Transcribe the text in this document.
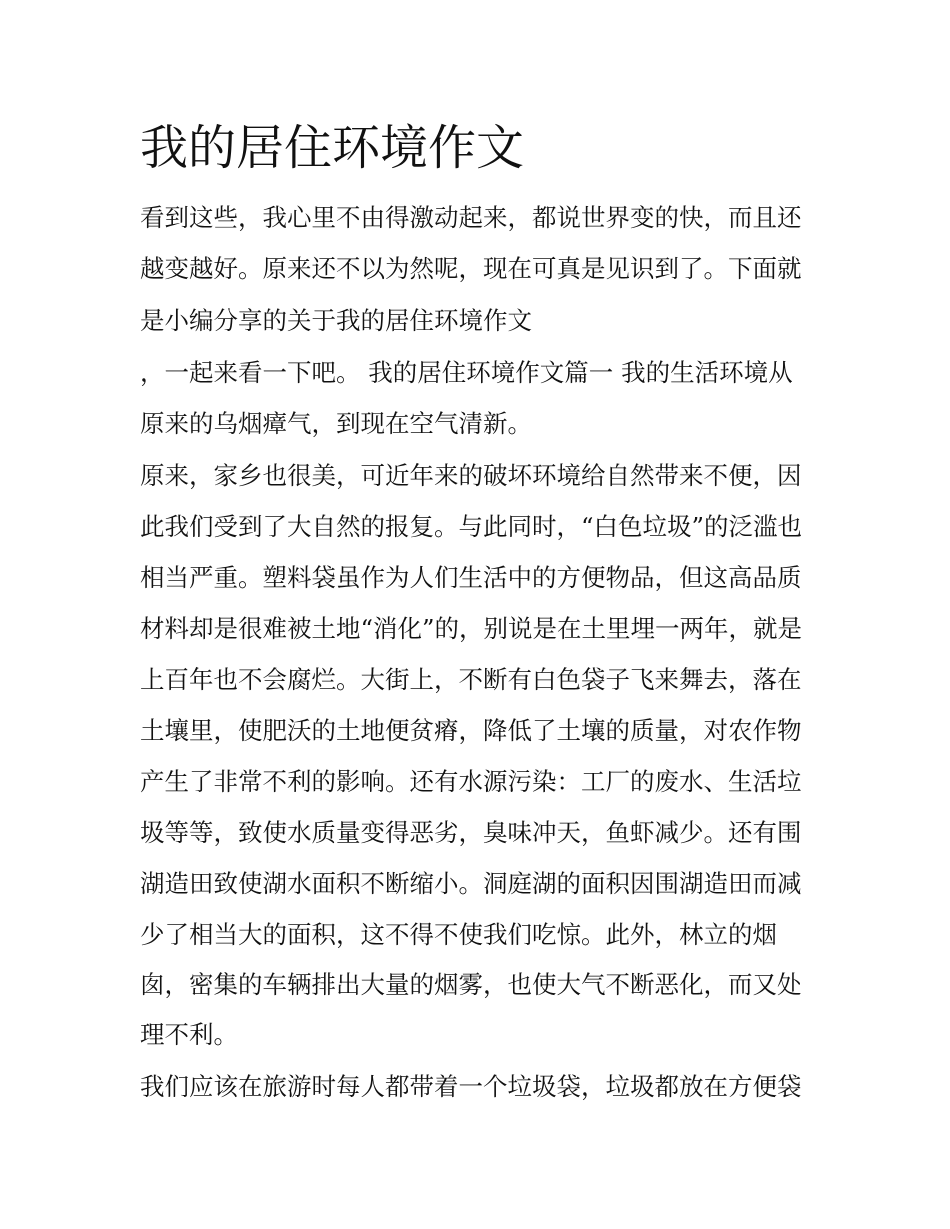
我的居住环境作文

看到这些，我心里不由得激动起来，都说世界变的快，而且还

越变越好。原来还不以为然呢，现在可真是见识到了。下面就

是小编分享的关于我的居住环境作文

，一起来看一下吧。 我的居住环境作文篇一 我的生活环境从

原来的乌烟瘴气，到现在空气清新。

原来，家乡也很美，可近年来的破坏环境给自然带来不便，因

此我们受到了大自然的报复。与此同时，“白色垃圾”的泛滥也

相当严重。塑料袋虽作为人们生活中的方便物品，但这高品质

材料却是很难被土地“消化”的，别说是在土里埋一两年，就是

上百年也不会腐烂。大街上，不断有白色袋子飞来舞去，落在

土壤里，使肥沃的土地便贫瘠，降低了土壤的质量，对农作物

产生了非常不利的影响。还有水源污染：工厂的废水、生活垃

圾等等，致使水质量变得恶劣，臭味冲天，鱼虾减少。还有围

湖造田致使湖水面积不断缩小。洞庭湖的面积因围湖造田而减

少了相当大的面积，这不得不使我们吃惊。此外，林立的烟

囱，密集的车辆排出大量的烟雾，也使大气不断恶化，而又处

理不利。

我们应该在旅游时每人都带着一个垃圾袋，垃圾都放在方便袋
